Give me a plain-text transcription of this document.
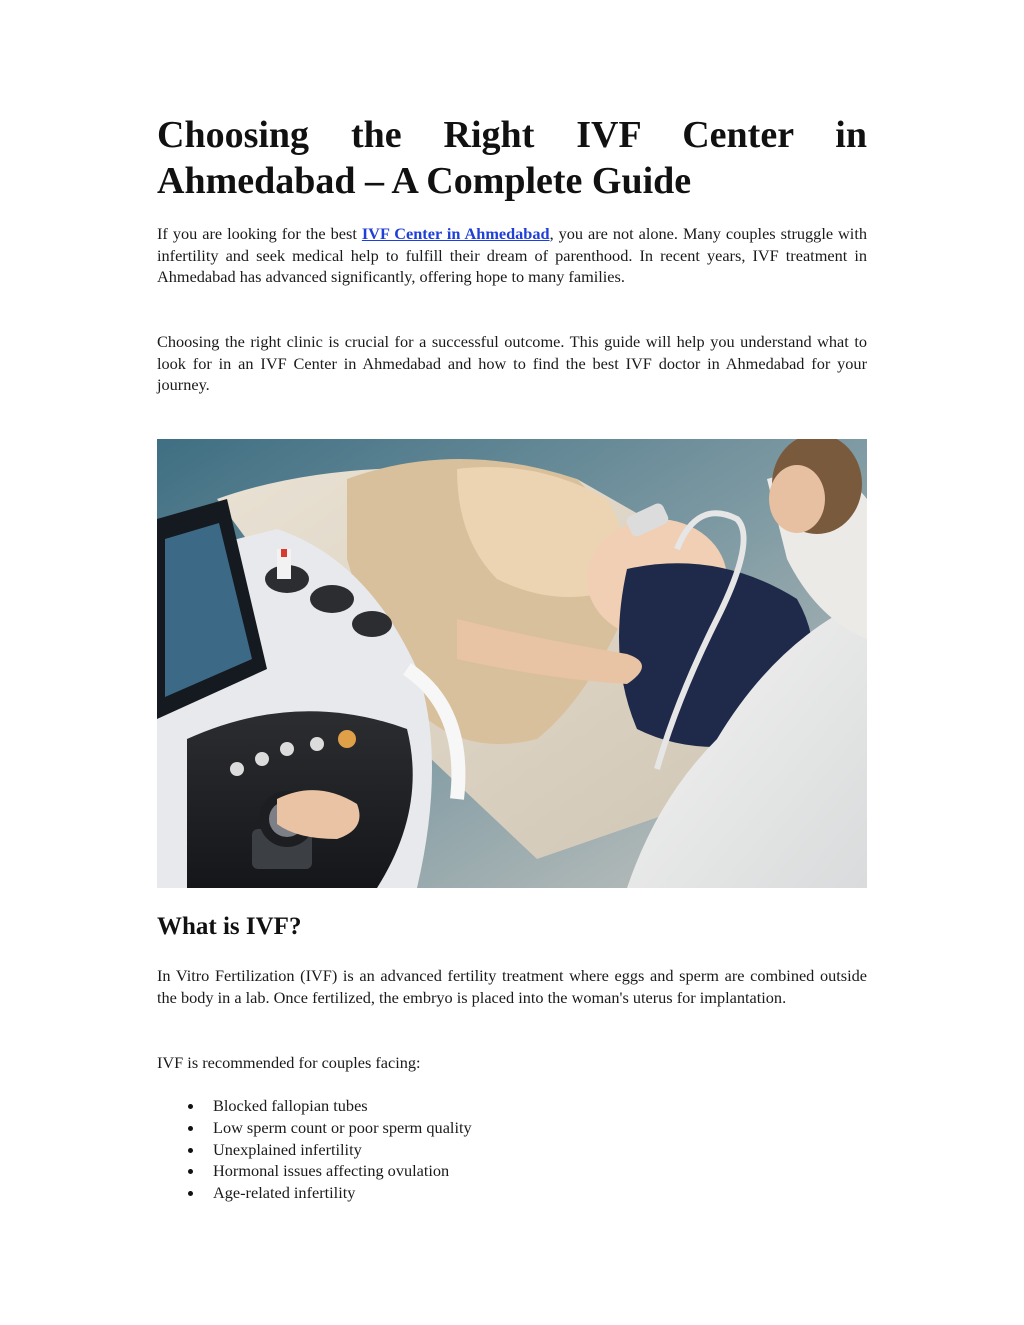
Choosing the Right IVF Center in Ahmedabad – A Complete Guide

If you are looking for the best IVF Center in Ahmedabad, you are not alone. Many couples struggle with infertility and seek medical help to fulfill their dream of parenthood. In recent years, IVF treatment in Ahmedabad has advanced significantly, offering hope to many families.

Choosing the right clinic is crucial for a successful outcome. This guide will help you understand what to look for in an IVF Center in Ahmedabad and how to find the best IVF doctor in Ahmedabad for your journey.

What is IVF?

In Vitro Fertilization (IVF) is an advanced fertility treatment where eggs and sperm are combined outside the body in a lab. Once fertilized, the embryo is placed into the woman's uterus for implantation.

IVF is recommended for couples facing:

Blocked fallopian tubes
Low sperm count or poor sperm quality
Unexplained infertility
Hormonal issues affecting ovulation
Age-related infertility
